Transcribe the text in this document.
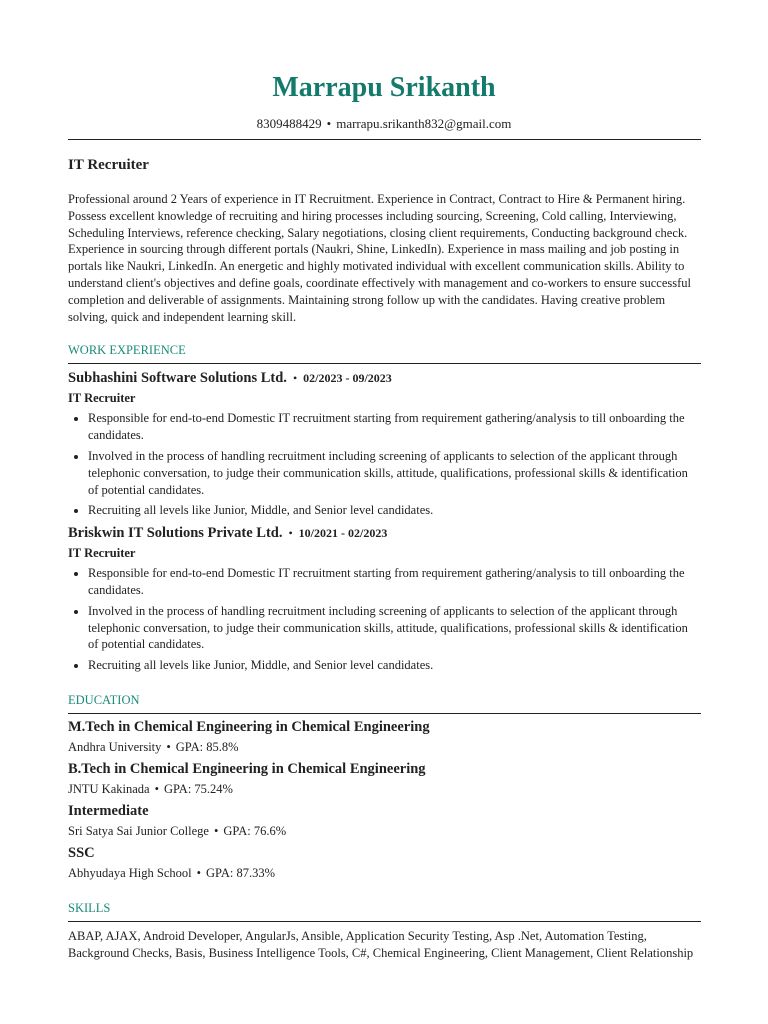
Marrapu Srikanth
8309488429 • marrapu.srikanth832@gmail.com
IT Recruiter

Professional around 2 Years of experience in IT Recruitment. Experience in Contract, Contract to Hire & Permanent hiring. Possess excellent knowledge of recruiting and hiring processes including sourcing, Screening, Cold calling, Interviewing, Scheduling Interviews, reference checking, Salary negotiations, closing client requirements, Conducting background check. Experience in sourcing through different portals (Naukri, Shine, LinkedIn). Experience in mass mailing and job posting in portals like Naukri, LinkedIn. An energetic and highly motivated individual with excellent communication skills. Ability to understand client's objectives and define goals, coordinate effectively with management and co-workers to ensure successful completion and deliverable of assignments. Maintaining strong follow up with the candidates. Having creative problem solving, quick and independent learning skill.

WORK EXPERIENCE
Subhashini Software Solutions Ltd. • 02/2023 - 09/2023
IT Recruiter
• Responsible for end-to-end Domestic IT recruitment starting from requirement gathering/analysis to till onboarding the candidates.
• Involved in the process of handling recruitment including screening of applicants to selection of the applicant through telephonic conversation, to judge their communication skills, attitude, qualifications, professional skills & identification of potential candidates.
• Recruiting all levels like Junior, Middle, and Senior level candidates.
Briskwin IT Solutions Private Ltd. • 10/2021 - 02/2023
IT Recruiter
• Responsible for end-to-end Domestic IT recruitment starting from requirement gathering/analysis to till onboarding the candidates.
• Involved in the process of handling recruitment including screening of applicants to selection of the applicant through telephonic conversation, to judge their communication skills, attitude, qualifications, professional skills & identification of potential candidates.
• Recruiting all levels like Junior, Middle, and Senior level candidates.
EDUCATION
M.Tech in Chemical Engineering in Chemical Engineering
Andhra University • GPA: 85.8%
B.Tech in Chemical Engineering in Chemical Engineering
JNTU Kakinada • GPA: 75.24%
Intermediate
Sri Satya Sai Junior College • GPA: 76.6%
SSC
Abhyudaya High School • GPA: 87.33%
SKILLS
ABAP, AJAX, Android Developer, AngularJs, Ansible, Application Security Testing, Asp .Net, Automation Testing, Background Checks, Basis, Business Intelligence Tools, C#, Chemical Engineering, Client Management, Client Relationship
